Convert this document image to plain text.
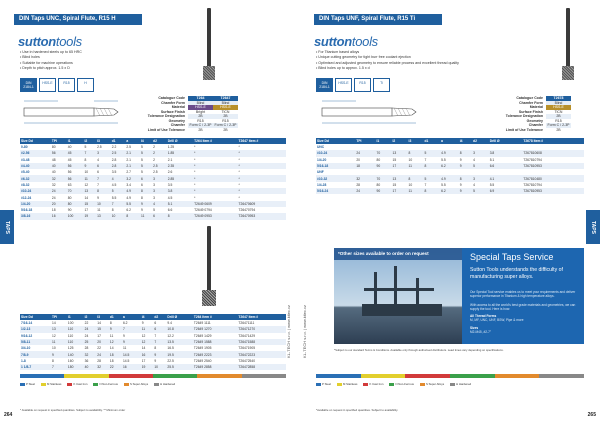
DIN Taps UNC, Spiral Flute, R15 H
suttontools
• Use in hardened steels up to 65 HRC
• Blind holes
• Suitable for machine operations
• Depth to pitch approx. 1.5 x D
DIN 2184-1
HSS-E	R15	H
Catalogue Code	T264	T2647
Chamfer Form	Blind	Blind
Material	HSS-E	HSS-E
Surface Finish	Bright	TiCN
Tolerance Designation	2B	2B
Geometry	R15	R15
Chamfer	Form C / 2-3P Form C / 2-3P
Limit of Use Tolerance	2B	2B
Size Dd	TPI	l1	l2	l3	d1	a	l4	d2	Drill Ø	T264 Item #	T2647 Item #
0-80	80	40	5	2.5	2.2	2.5	5	2	1.25	*	*
#2-56	56	45	7	3	2.5	2.1	5	2	1.85	*	*
#3-48	48	45	8	4	2.8	2.1	5	2	2.1	*	*
#4-40	40	56	9	6	2.8	2.1	5	2.5	2.35	*	*
#5-40	40	56	10	6	3.5	2.7	5	2.5	2.6	*	*
#6-32	32	56	11	7	4	3.2	6	3	2.85	*	*
#8-32	32	63	12	7	4.5	3.4	6	3	3.5	*	*
#10-24	24	70	13	8	5	4.9	8	3	3.8	*	*
#12-24	24	80	14	9	5.5	4.9	8	3	4.5	*	*
1/4-20	20	80	15	10	7	5.5	9	4	5.1	T2649 0609	T26470609
5/16-18	18	90	17	11	8	6.2	9	5	6.6	T2649 0794	T26470794
3/8-16	16	100	19	13	10	8	11	6	8	T2649 0953	T26470953
Size Dd	TPI	l1	l2	l3	d1	a	l4	d2	Drill Ø	T264 Item #	T2647 Item #
7/16-14	14	100	22	14	8	6.2	9	6	9.4	T2649 1111	T26471111
1/2-13	13	110	24	15	9	7	11	6	10.8	T2649 1270	T26471270
9/16-12	12	110	24	17	11	9	12	7	12.2	T2649 1429	T26471429
5/8-11	11	110	25	20	12	9	12	7	13.5	T2649 1588	T26471588
3/4-10	10	125	28	22	14	11	14	8	16.5	T2649 1905	T26471905
7/8-9	9	140	32	24	18	14.5	16	9	19.5	T2649 2223	T26472223
1-8	8	160	36	28	18	14.5	17	9	22.5	T2649 2540	T26472540
1 1/8-7	7	180	40	32	22	16	19	10	25.5	T2649 2858	T26472858
P Steel	M Stainless	K Cast Iron	N Non-Ferrous	S Super Alloys	H Hardened
TAPS
KL-TECH s.r.o. | www.kltec.cz
* Available on request in specified quantities. Subject to availability. ** Minimum order
264
DIN Taps UNF, Spiral Flute, R15 Ti
suttontools
• For Titanium based alloys
• Unique cutting geometry for tight burr free coolant ejection
• Optimised and adjusted geometry to ensure reliable process and excellent thread quality
• Blind holes up to approx. 1.5 x d
DIN 2184-1
HSS-E	R15	Ti
Catalogue Code	T2678
Chamfer Form	Blind
Material	HSS-E
Surface Finish	TiCN
Tolerance Designation	2B
Geometry	R15
Chamfer	Form C / 2-3P
Limit of Use Tolerance	2B
Size Dd	TPI	l1	l2	l3	d1	a	l4	d2	Drill Ø	T2678 Item #
UNC										
#10-24	24	70	13	8	5	4.9	8	3	3.8	T267810608
1/4-20	20	80	15	10	7	5.5	9	4	5.1	T267810794
5/16-18	18	90	17	11	8	6.2	9	5	6.6	T267810953
UNF										
#10-32	32	70	13	8	5	4.9	8	3	4.1	T267810480
1/4-28	28	80	15	10	7	5.5	9	4	5.5	T267810794
5/16-24	24	90	17	11	8	6.2	9	5	6.9	T267810953
*Other sizes available to order on request	Special Taps Service
Sutton Tools understands the difficulty of manufacturing super alloys.
Our Special Tool service enables us to meet your requirements and deliver superior performance in Titanium & high temperature alloys.
With access to all the world's best grade materials and geometries, we can supply the tool. Here is how:
All Thread Forms
M, MF, UNC, UNF, BSW, Pipe & more
Sizes
M2-M45, #2-7"
*Subject to our standard Terms & Conditions. Available only through authorised distributors. Lead times vary depending on specifications.
P Steel	M Stainless	K Cast Iron	N Non-Ferrous	S Super Alloys	H Hardened
TAPS
KL-TECH s.r.o. | www.kltec.cz
*Available on request in specified quantities. Subject to availability.
265
